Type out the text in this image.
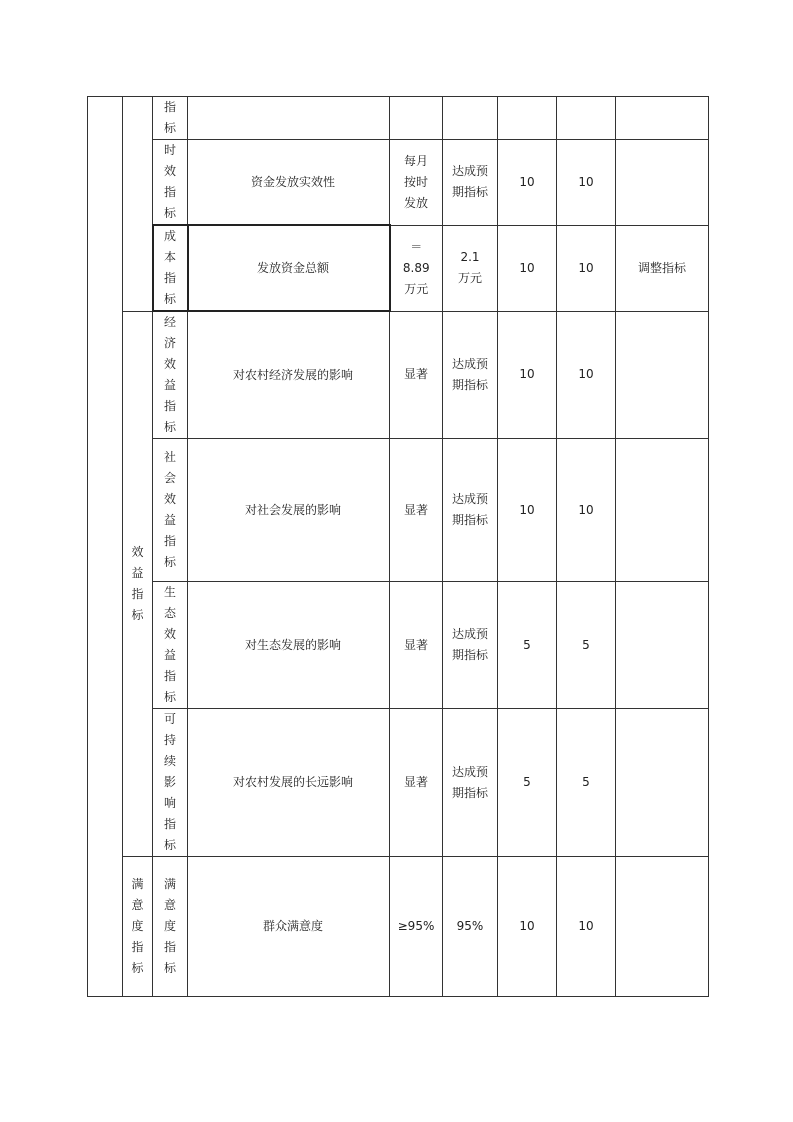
		指标						

		时效指标	资金发放实效性	每月按时发放	达成预期指标	10	10	

		成本指标	发放资金总额	＝8.89万元	2.1万元	10	10	调整指标

	效益指标	经济效益指标	对农村经济发展的影响	显著	达成预期指标	10	10	

		社会效益指标	对社会发展的影响	显著	达成预期指标	10	10	

		生态效益指标	对生态发展的影响	显著	达成预期指标	5	5	

		可持续影响指标	对农村发展的长远影响	显著	达成预期指标	5	5	

	满意度指标	满意度指标	群众满意度	≥95%	95%	10	10	
